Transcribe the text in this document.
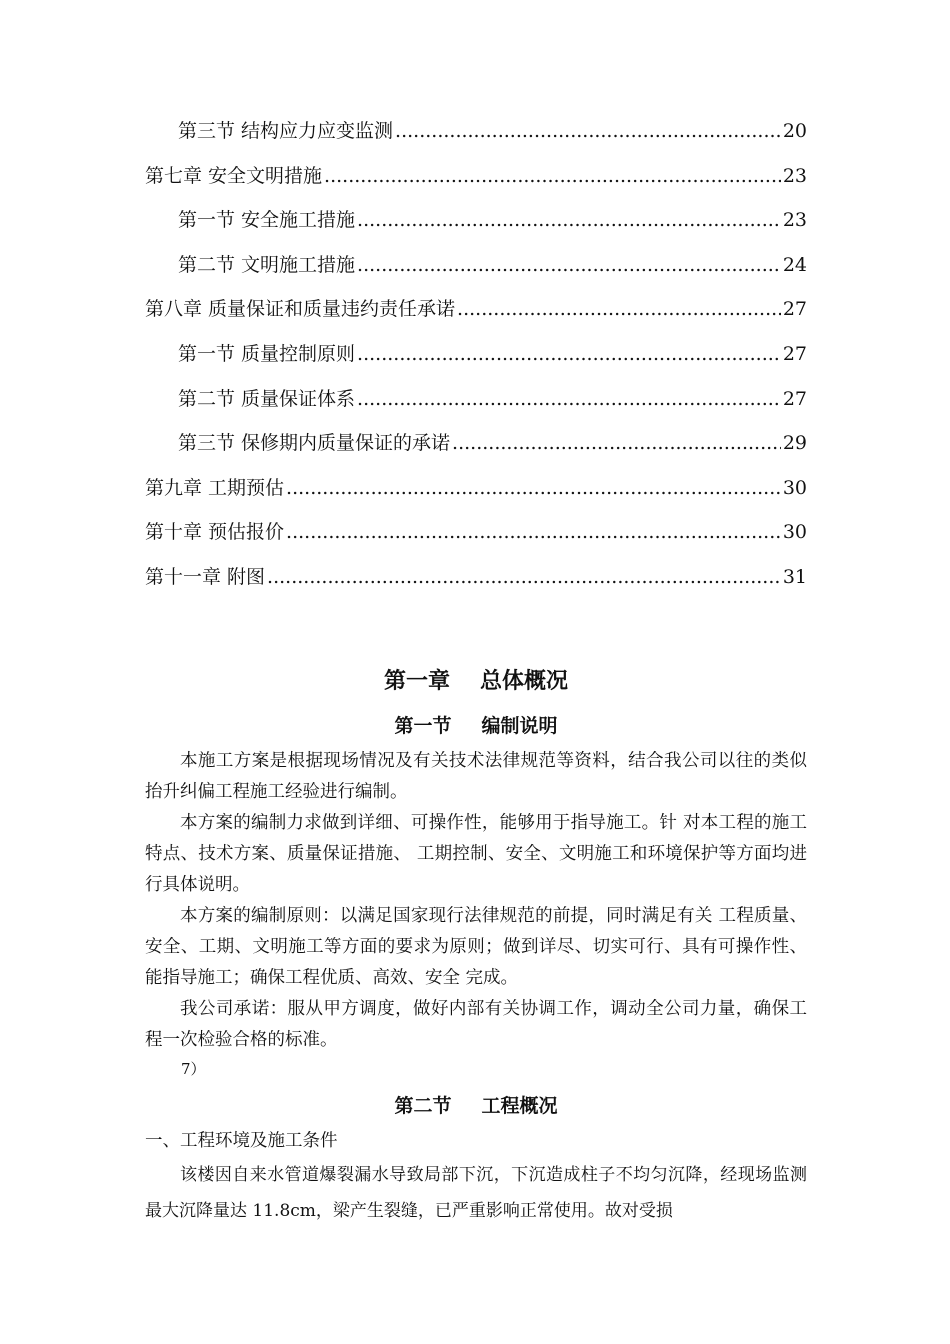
第三节 结构应力应变监测 .....	20
第七章 安全文明措施 .....	23
第一节 安全施工措施 .....	23
第二节 文明施工措施 .....	24
第八章 质量保证和质量违约责任承诺 .....	27
第一节 质量控制原则 .....	27
第二节 质量保证体系 .....	27
第三节 保修期内质量保证的承诺 .....	29
第九章 工期预估 .....	30
第十章 预估报价 .....	30
第十一章 附图 .....	31
第一章 总体概况
第一节 编制说明

本施工方案是根据现场情况及有关技术法律规范等资料，结合我公司以往的类似抬升纠偏工程施工经验进行编制。

本方案的编制力求做到详细、可操作性，能够用于指导施工。针 对本工程的施工特点、技术方案、质量保证措施、 工期控制、安全、文明施工和环境保护等方面均进行具体说明。

本方案的编制原则：以满足国家现行法律规范的前提，同时满足有关 工程质量、安全、工期、文明施工等方面的要求为原则；做到详尽、切实可行、具有可操作性、能指导施工；确保工程优质、高效、安全 完成。

我公司承诺：服从甲方调度，做好内部有关协调工作，调动全公司力量，确保工程一次检验合格的标准。

7）

第二节 工程概况

一、工程环境及施工条件

该楼因自来水管道爆裂漏水导致局部下沉，下沉造成柱子不均匀沉降，经现场监测最大沉降量达 11.8cm，梁产生裂缝，已严重影响正常使用。故对受损
